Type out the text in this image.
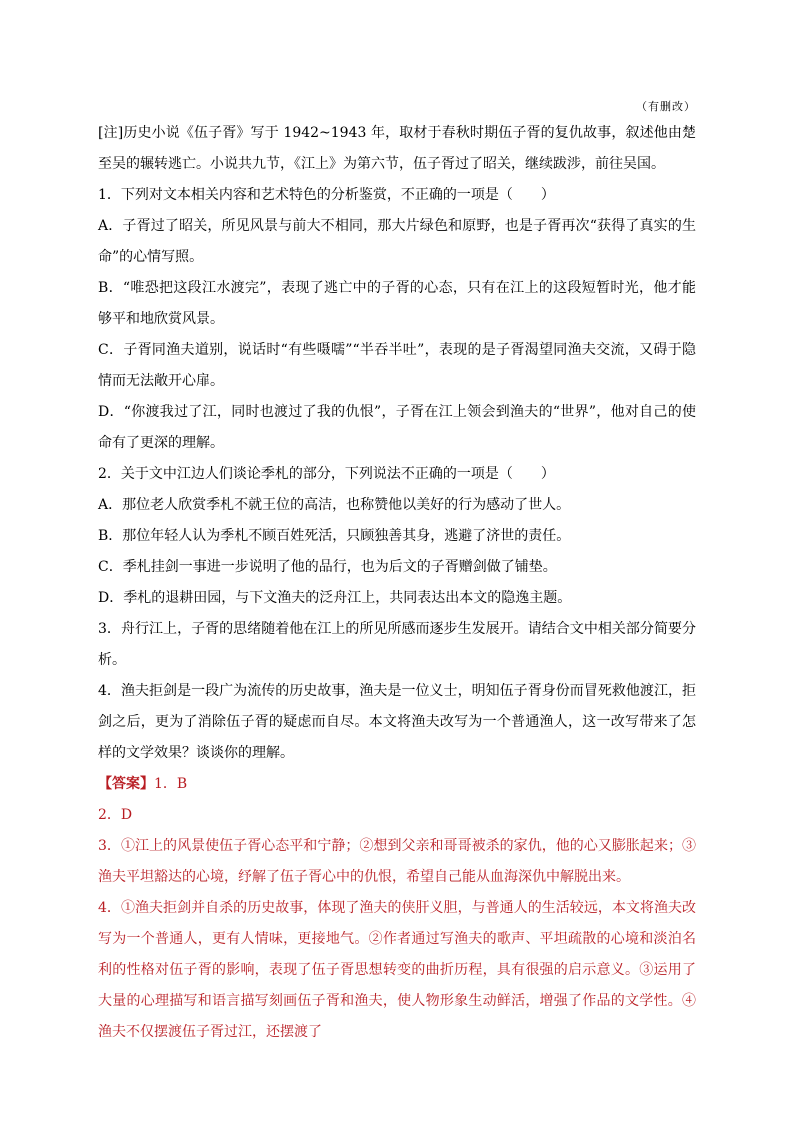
（有删改）

[注]历史小说《伍子胥》写于 1942~1943 年，取材于春秋时期伍子胥的复仇故事，叙述他由楚至吴的辗转逃亡。小说共九节，《江上》为第六节，伍子胥过了昭关，继续跋涉，前往吴国。

1．下列对文本相关内容和艺术特色的分析鉴赏，不正确的一项是（　　）

A．子胥过了昭关，所见风景与前大不相同，那大片绿色和原野，也是子胥再次“获得了真实的生命”的心情写照。

B．“唯恐把这段江水渡完”，表现了逃亡中的子胥的心态，只有在江上的这段短暂时光，他才能够平和地欣赏风景。

C．子胥同渔夫道别，说话时“有些嗫嚅”“半吞半吐”，表现的是子胥渴望同渔夫交流，又碍于隐情而无法敞开心扉。

D．“你渡我过了江，同时也渡过了我的仇恨”，子胥在江上领会到渔夫的“世界”，他对自己的使命有了更深的理解。

2．关于文中江边人们谈论季札的部分，下列说法不正确的一项是（　　）

A．那位老人欣赏季札不就王位的高洁，也称赞他以美好的行为感动了世人。

B．那位年轻人认为季札不顾百姓死活，只顾独善其身，逃避了济世的责任。

C．季札挂剑一事进一步说明了他的品行，也为后文的子胥赠剑做了铺垫。

D．季札的退耕田园，与下文渔夫的泛舟江上，共同表达出本文的隐逸主题。

3．舟行江上，子胥的思绪随着他在江上的所见所感而逐步生发展开。请结合文中相关部分简要分析。

4．渔夫拒剑是一段广为流传的历史故事，渔夫是一位义士，明知伍子胥身份而冒死救他渡江，拒剑之后，更为了消除伍子胥的疑虑而自尽。本文将渔夫改写为一个普通渔人，这一改写带来了怎样的文学效果？谈谈你的理解。

【答案】1．B

2．D

3．①江上的风景使伍子胥心态平和宁静；②想到父亲和哥哥被杀的家仇，他的心又膨胀起来；③渔夫平坦豁达的心境，纾解了伍子胥心中的仇恨，希望自己能从血海深仇中解脱出来。

4．①渔夫拒剑并自杀的历史故事，体现了渔夫的侠肝义胆，与普通人的生活较远，本文将渔夫改写为一个普通人，更有人情味，更接地气。②作者通过写渔夫的歌声、平坦疏散的心境和淡泊名利的性格对伍子胥的影响，表现了伍子胥思想转变的曲折历程，具有很强的启示意义。③运用了大量的心理描写和语言描写刻画伍子胥和渔夫，使人物形象生动鲜活，增强了作品的文学性。④渔夫不仅摆渡伍子胥过江，还摆渡了
